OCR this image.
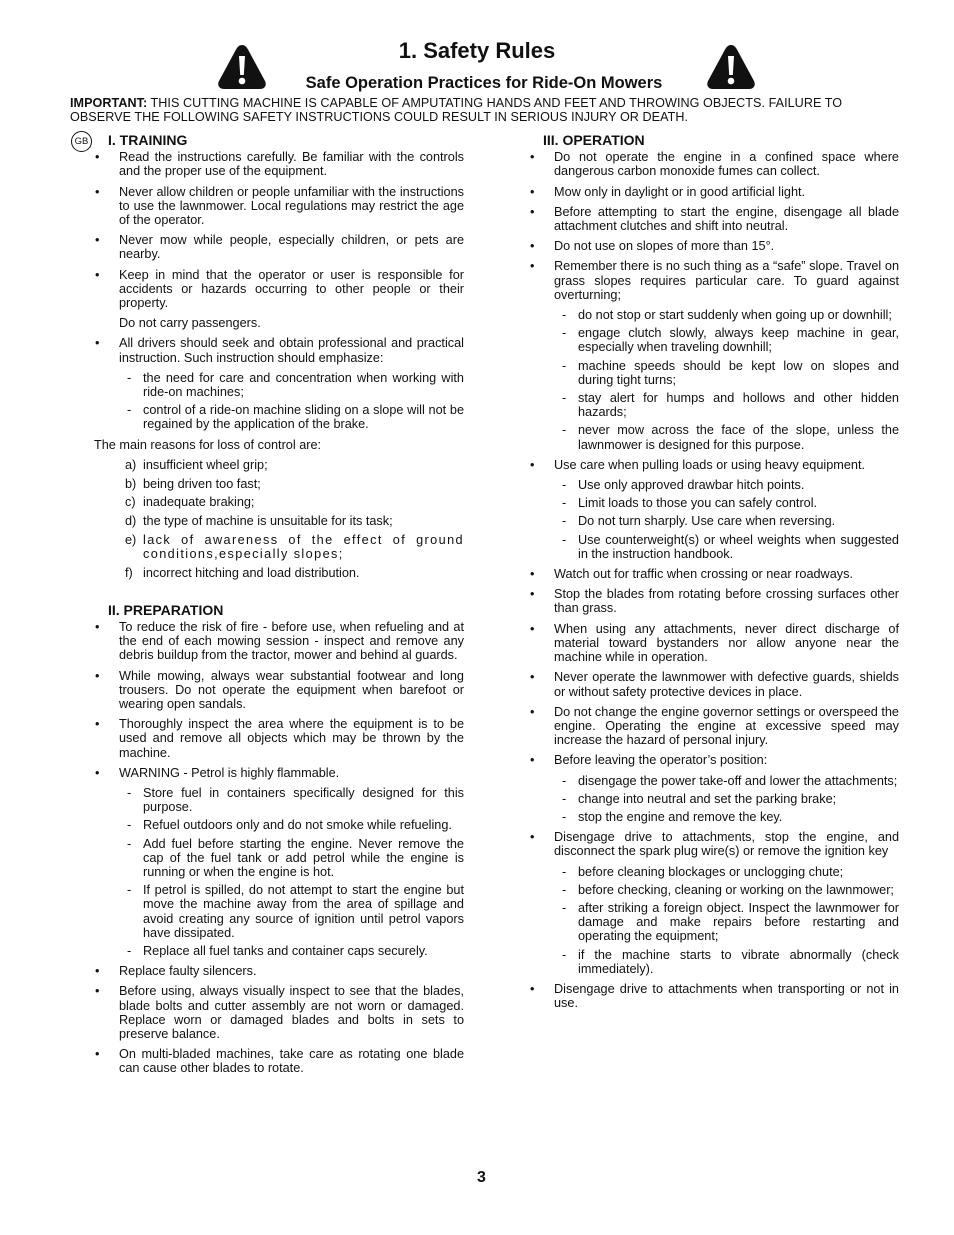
1. Safety Rules
Safe Operation Practices for Ride-On Mowers
IMPORTANT: THIS CUTTING MACHINE IS CAPABLE OF AMPUTATING HANDS AND FEET AND THROWING OBJECTS. FAILURE TO OBSERVE THE FOLLOWING SAFETY INSTRUCTIONS COULD RESULT IN SERIOUS INJURY OR DEATH.
GB I. TRAINING
• Read the instructions carefully. Be familiar with the controls and the proper use of the equipment.
• Never allow children or people unfamiliar with the instructions to use the lawnmower. Local regulations may restrict the age of the operator.
• Never mow while people, especially children, or pets are nearby.
• Keep in mind that the operator or user is responsible for accidents or hazards occurring to other people or their property.

Do not carry passengers.

• All drivers should seek and obtain professional and practical instruction. Such instruction should emphasize:
- the need for care and concentration when working with ride-on machines;
- control of a ride-on machine sliding on a slope will not be regained by the application of the brake.
The main reasons for loss of control are:
a) insufficient wheel grip;
b) being driven too fast;
c) inadequate braking;
d) the type of machine is unsuitable for its task;
e) lack of awareness of the effect of ground conditions,especially slopes;
f) incorrect hitching and load distribution.
II. PREPARATION
• To reduce the risk of fire - before use, when refueling and at the end of each mowing session - inspect and remove any debris buildup from the tractor, mower and behind al guards.
• While mowing, always wear substantial footwear and long trousers. Do not operate the equipment when barefoot or wearing open sandals.
• Thoroughly inspect the area where the equipment is to be used and remove all objects which may be thrown by the machine.
• WARNING - Petrol is highly flammable.
- Store fuel in containers specifically designed for this purpose.
- Refuel outdoors only and do not smoke while refueling.
- Add fuel before starting the engine. Never remove the cap of the fuel tank or add petrol while the engine is running or when the engine is hot.
- If petrol is spilled, do not attempt to start the engine but move the machine away from the area of spillage and avoid creating any source of ignition until petrol vapors have dissipated.
- Replace all fuel tanks and container caps securely.
• Replace faulty silencers.
• Before using, always visually inspect to see that the blades, blade bolts and cutter assembly are not worn or damaged. Replace worn or damaged blades and bolts in sets to preserve balance.
• On multi-bladed machines, take care as rotating one blade can cause other blades to rotate.
III. OPERATION
• Do not operate the engine in a confined space where dangerous carbon monoxide fumes can collect.
• Mow only in daylight or in good artificial light.
• Before attempting to start the engine, disengage all blade attachment clutches and shift into neutral.
• Do not use on slopes of more than 15°.
• Remember there is no such thing as a “safe” slope. Travel on grass slopes requires particular care. To guard against overturning;
- do not stop or start suddenly when going up or downhill;
- engage clutch slowly, always keep machine in gear, especially when traveling downhill;
- machine speeds should be kept low on slopes and during tight turns;
- stay alert for humps and hollows and other hidden hazards;
- never mow across the face of the slope, unless the lawnmower is designed for this purpose.
• Use care when pulling loads or using heavy equipment.
- Use only approved drawbar hitch points.
- Limit loads to those you can safely control.
- Do not turn sharply. Use care when reversing.
- Use counterweight(s) or wheel weights when suggested in the instruction handbook.
• Watch out for traffic when crossing or near roadways.
• Stop the blades from rotating before crossing surfaces other than grass.
• When using any attachments, never direct discharge of material toward bystanders nor allow anyone near the machine while in operation.
• Never operate the lawnmower with defective guards, shields or without safety protective devices in place.
• Do not change the engine governor settings or overspeed the engine. Operating the engine at excessive speed may increase the hazard of personal injury.
• Before leaving the operator’s position:
- disengage the power take-off and lower the attachments;
- change into neutral and set the parking brake;
- stop the engine and remove the key.
• Disengage drive to attachments, stop the engine, and disconnect the spark plug wire(s) or remove the ignition key
- before cleaning blockages or unclogging chute;
- before checking, cleaning or working on the lawnmower;
- after striking a foreign object. Inspect the lawnmower for damage and make repairs before restarting and operating the equipment;
- if the machine starts to vibrate abnormally (check immediately).
• Disengage drive to attachments when transporting or not in use.
3
